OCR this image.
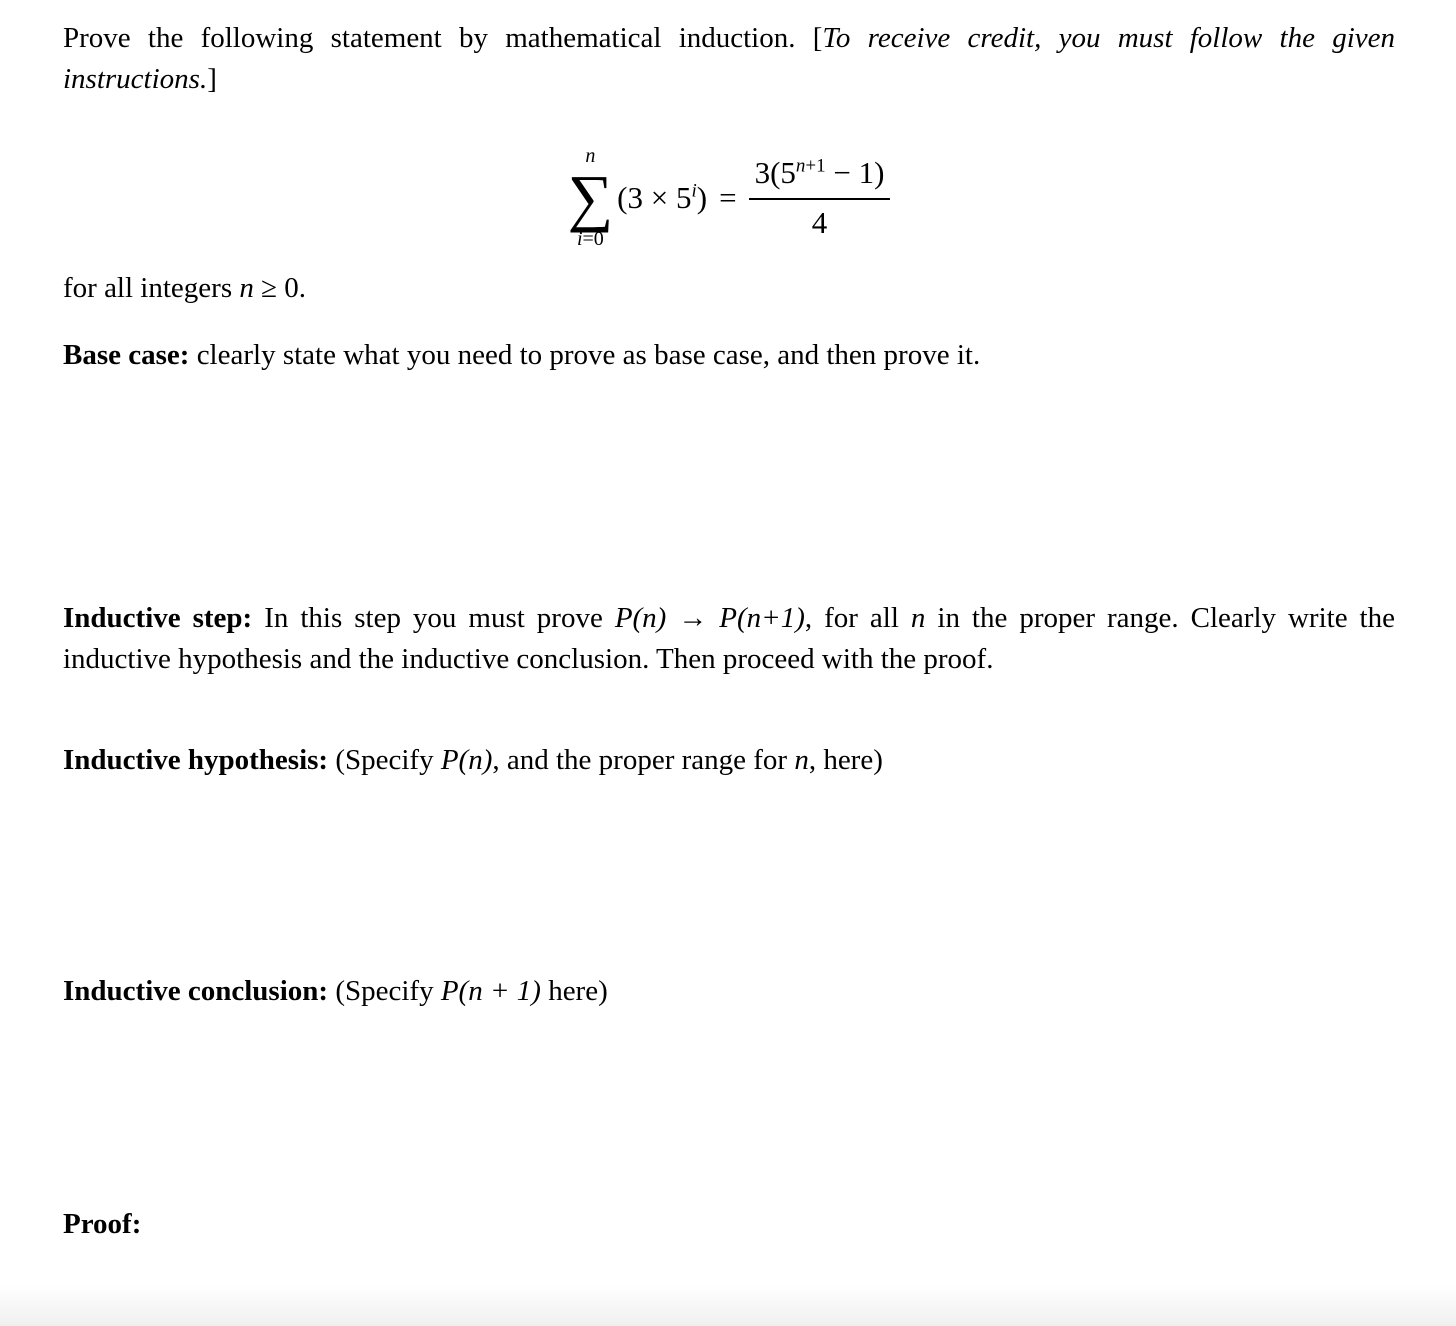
Prove the following statement by mathematical induction. [To receive credit, you must follow the given instructions.]

n
∑
i=0
$(3 \times 5^i) = \frac{3(5^{n+1} - 1)}{4}$

for all integers n ≥ 0.

Base case: clearly state what you need to prove as base case, and then prove it.

Inductive step: In this step you must prove P(n) → P(n+1), for all n in the proper range. Clearly write the inductive hypothesis and the inductive conclusion. Then proceed with the proof.

Inductive hypothesis: (Specify P(n), and the proper range for n, here)

Inductive conclusion: (Specify P(n + 1) here)

Proof:
